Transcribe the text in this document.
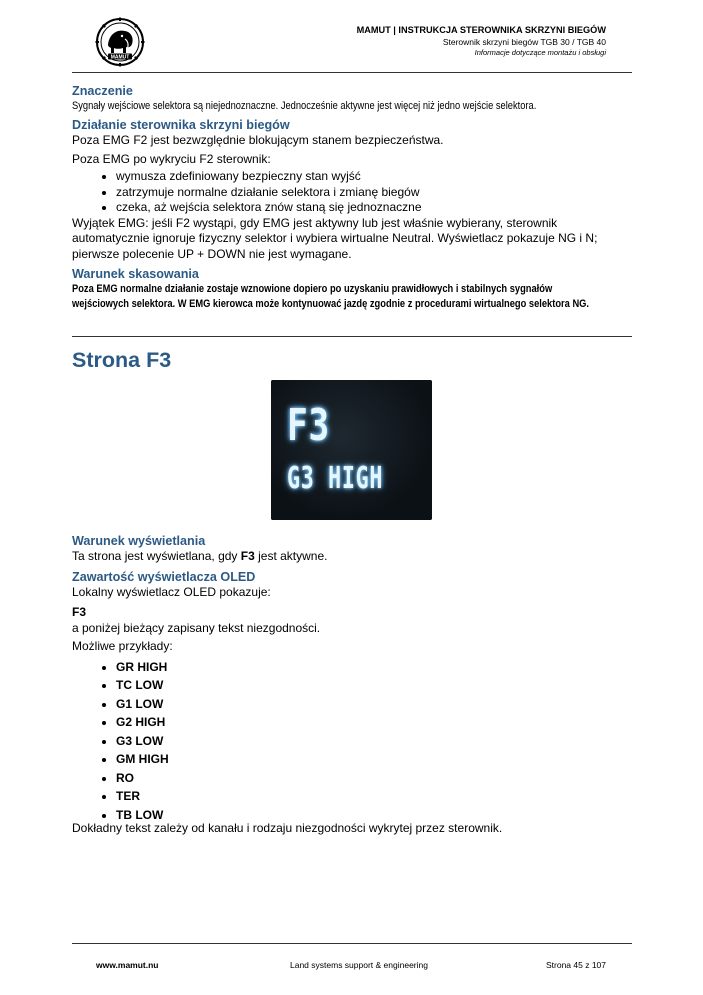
MAMUT
MAMUT | INSTRUKCJA STEROWNIKA SKRZYNI BIEGÓW
Sterownik skrzyni biegów TGB 30 / TGB 40
Informacje dotyczące montażu i obsługi
Znaczenie
Sygnały wejściowe selektora są niejednoznaczne. Jednocześnie aktywne jest więcej niż jedno wejście selektora.
Działanie sterownika skrzyni biegów

Poza EMG F2 jest bezwzględnie blokującym stanem bezpieczeństwa.

Poza EMG po wykryciu F2 sterownik:

• wymusza zdefiniowany bezpieczny stan wyjść
• zatrzymuje normalne działanie selektora i zmianę biegów
• czeka, aż wejścia selektora znów staną się jednoznaczne

Wyjątek EMG: jeśli F2 wystąpi, gdy EMG jest aktywny lub jest właśnie wybierany, sterownik automatycznie ignoruje fizyczny selektor i wybiera wirtualne Neutral. Wyświetlacz pokazuje NG i N; pierwsze polecenie UP + DOWN nie jest wymagane.

Warunek skasowania
Poza EMG normalne działanie zostaje wznowione dopiero po uzyskaniu prawidłowych i stabilnych sygnałów
wejściowych selektora. W EMG kierowca może kontynuować jazdę zgodnie z procedurami wirtualnego selektora NG.
Strona F3
F3
G3 HIGH
Warunek wyświetlania

Ta strona jest wyświetlana, gdy F3 jest aktywne.

Zawartość wyświetlacza OLED

Lokalny wyświetlacz OLED pokazuje:

F3

a poniżej bieżący zapisany tekst niezgodności.

Możliwe przykłady:

• GR HIGH
• TC LOW
• G1 LOW
• G2 HIGH
• G3 LOW
• GM HIGH
• RO
• TER
• TB LOW

Dokładny tekst zależy od kanału i rodzaju niezgodności wykrytej przez sterownik.

www.mamut.nu	Land systems support & engineering	Strona 45 z 107
